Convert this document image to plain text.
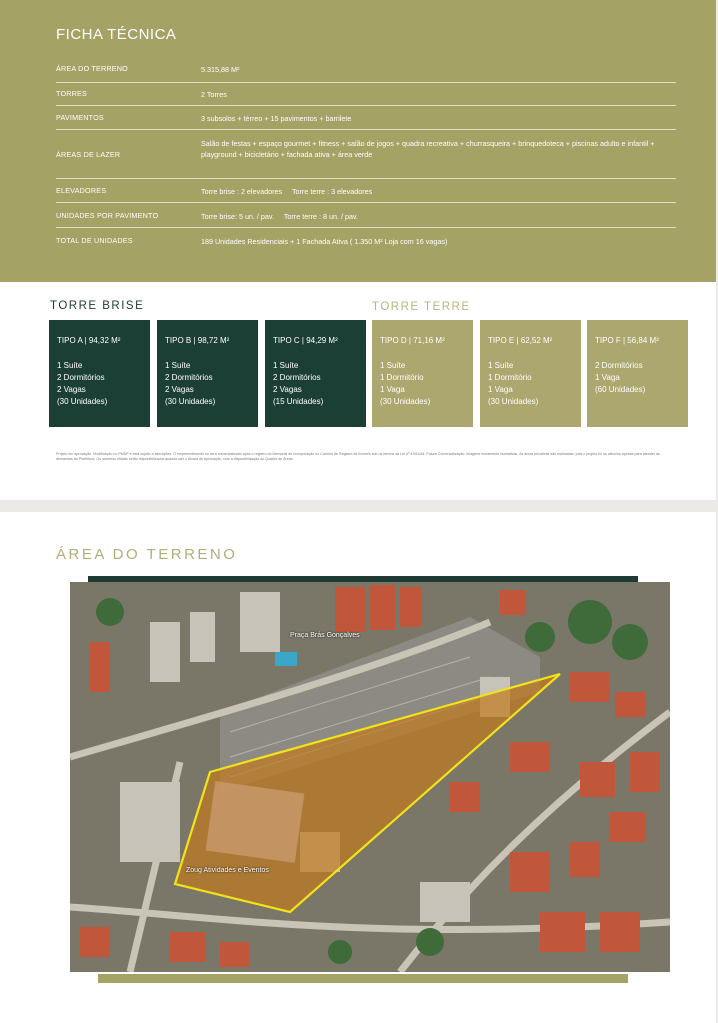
FICHA TÉCNICA
ÁREA DO TERRENO	5.315,88 M²
TORRES	2 Torres
PAVIMENTOS	3 subsolos + térreo + 15 pavimentos + barrilete
ÁREAS DE LAZER
Salão de festas + espaço gourmet + fitness + salão de jogos + quadra recreativa + churrasqueira + brinquedoteca + piscinas adulto e infantil + playground + bicicletário + fachada ativa + área verde
ELEVADORES	Torre brise : 2 elevadores     Torre terre : 3 elevadores
UNIDADES POR PAVIMENTO	Torre brise: 5 un. / pav.     Torre terre : 8 un. / pav.
TOTAL DE UNIDADES	189 Unidades Residenciais + 1 Fachada Ativa ( 1.350 M² Loja com 16 vagas)
TORRE BRISE	TORRE TERRE
TIPO A | 94,32 M²
1 Suíte
2 Dormitórios
2 Vagas
(30 Unidades)
TIPO B | 98,72 M²
1 Suíte
2 Dormitórios
2 Vagas
(30 Unidades)
TIPO C | 94,29 M²
1 Suíte
2 Dormitórios
2 Vagas
(15 Unidades)
TIPO D | 71,16 M²
1 Suíte
1 Dormitório
1 Vaga
(30 Unidades)
TIPO E | 62,52 M²
1 Suíte
1 Dormitório
1 Vaga
(30 Unidades)
TIPO F | 56,84 M²
2 Dormitórios
1 Vaga
(60 Unidades)
Projeto em aprovação. Modificação no PMSP e está sujeito a alterações. O empreendimento só será comercializado após o registro do Memorial de Incorporação no Cartório de Registro de Imóveis sob os termos da Lei nº 4.591/64. Futura Comercialização. Imagens meramente ilustrativas. As áreas privativas são estimadas, pois o projeto foi os cálculos apenas para atender as demandas da Prefeitura. Os números oficiais serão disponibilizados quando sair o Alvará de Aprovação, com a disponibilização do Quadro de Áreas.
ÁREA DO TERRENO
Praça Brás Gonçalves
Zoug Atividades e Eventos
